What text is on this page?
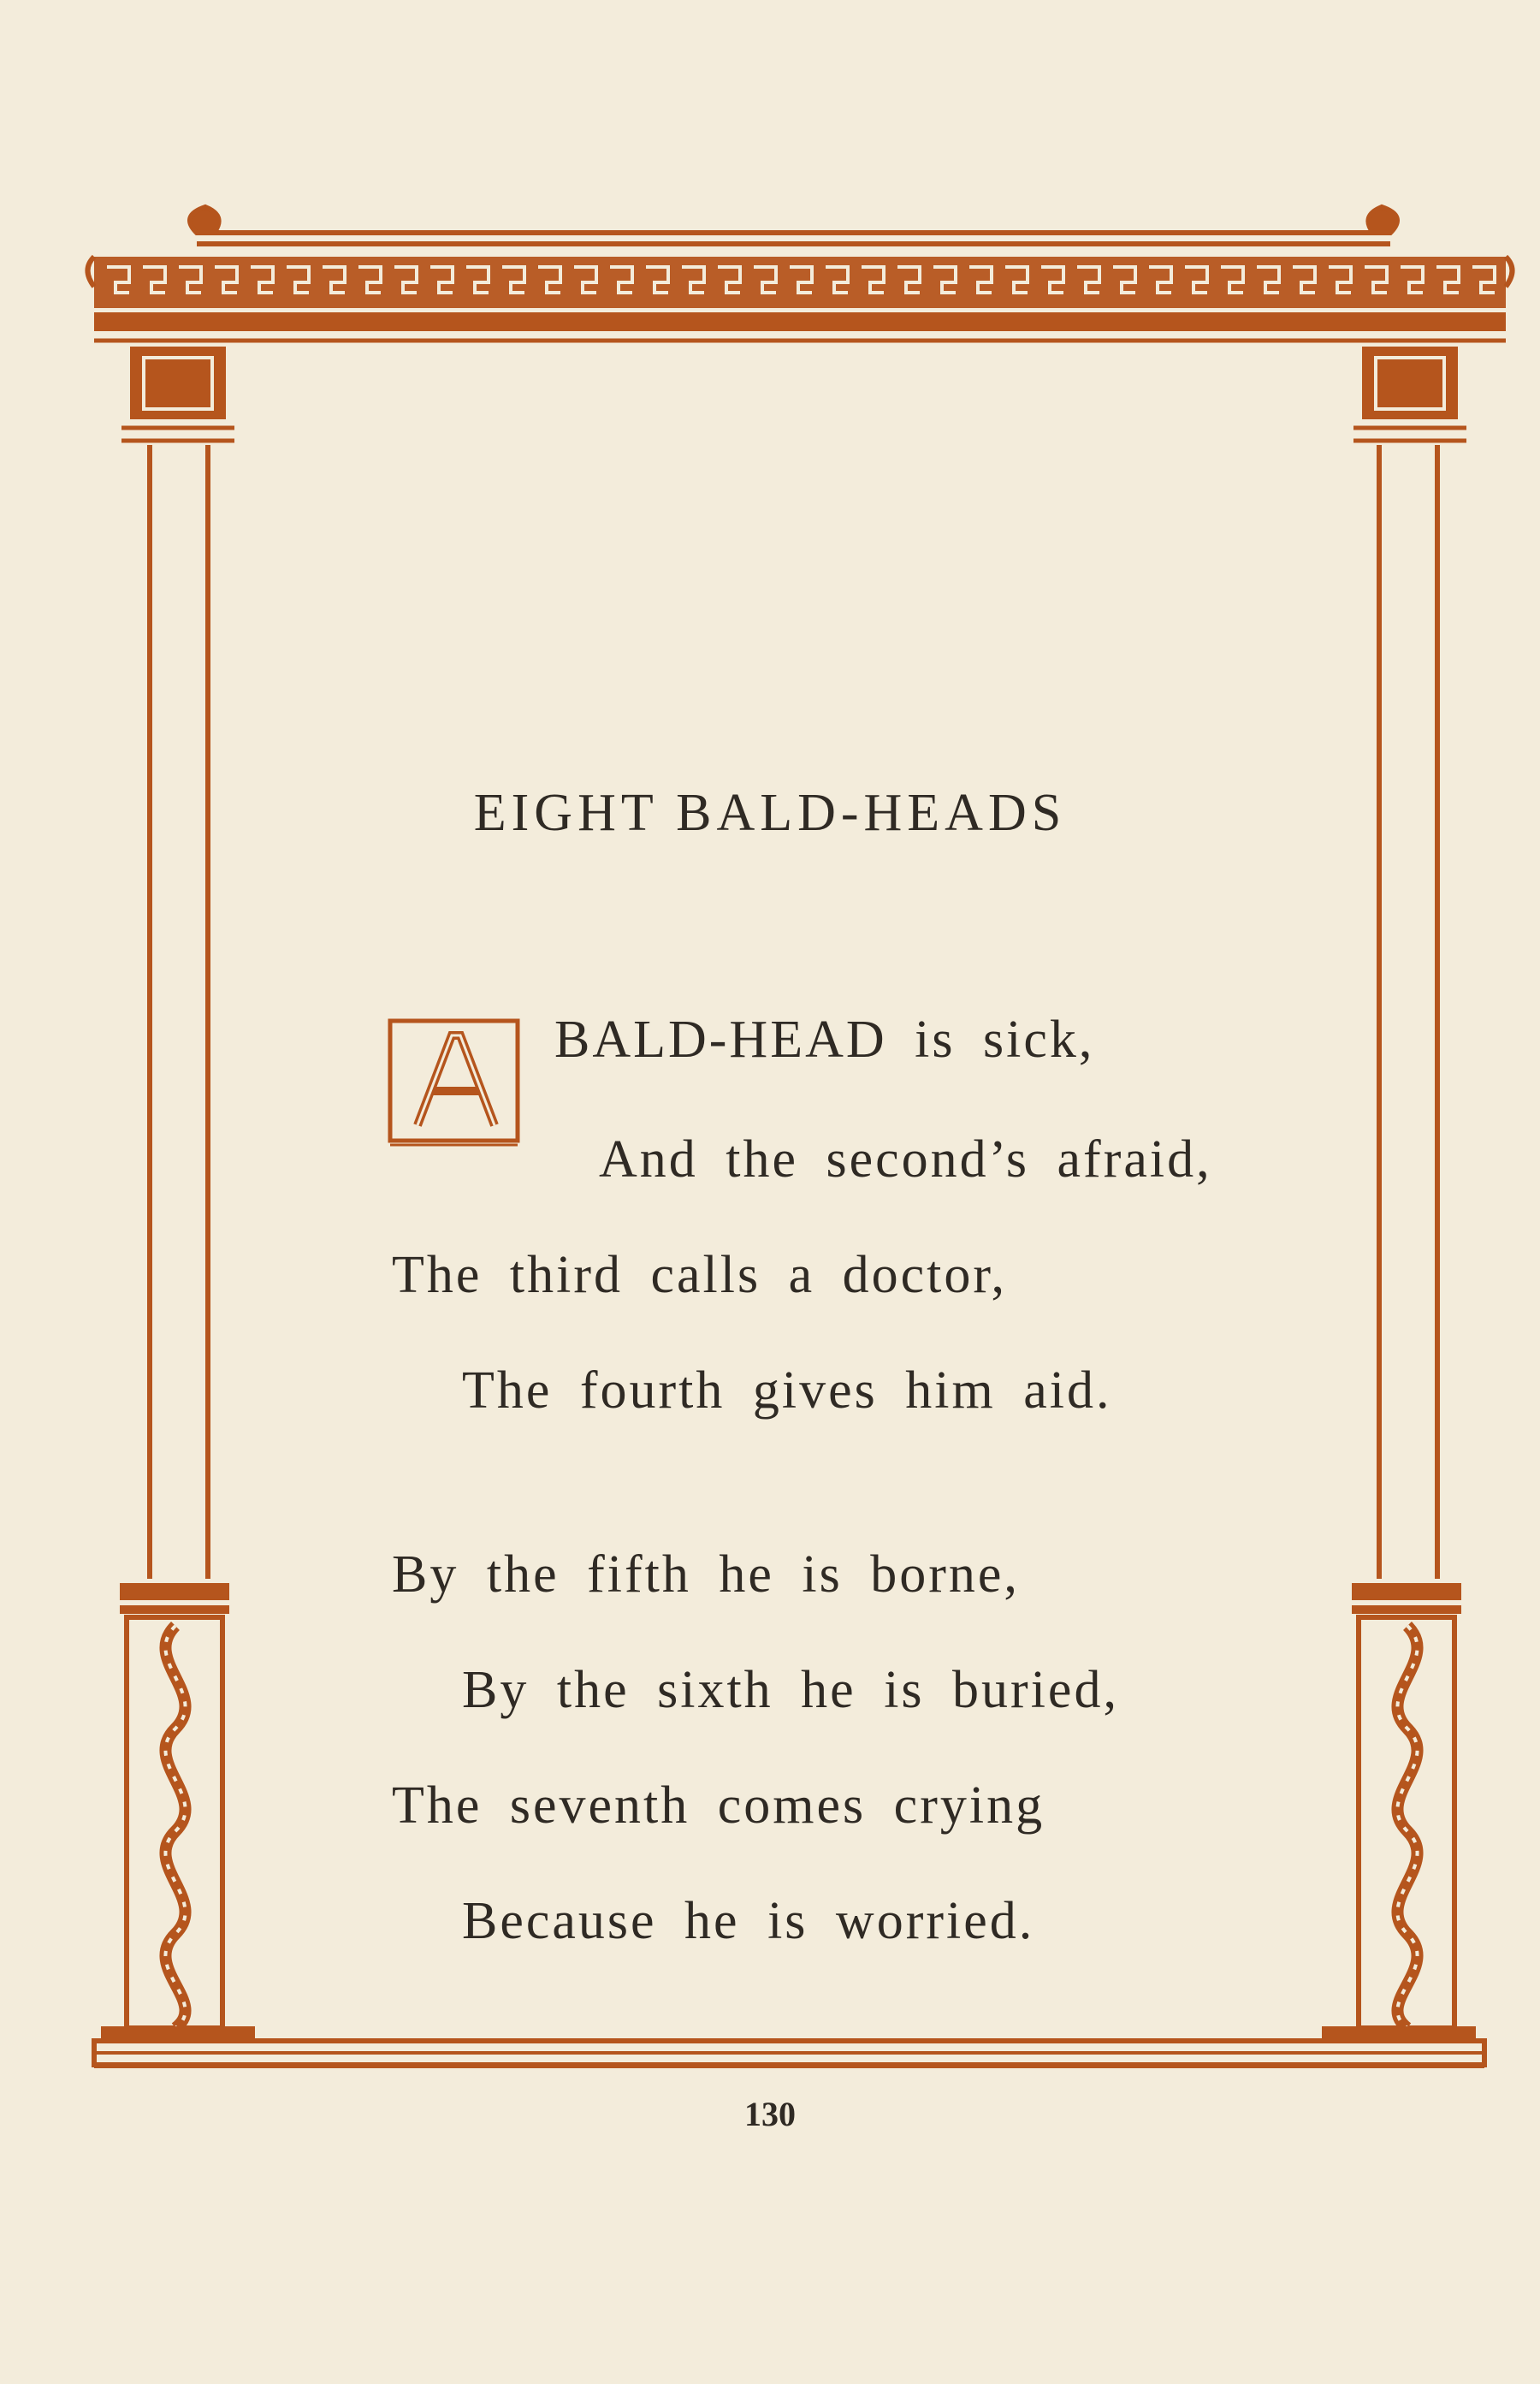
EIGHT BALD-HEADS

BALD-HEAD is sick,

And the second’s afraid,

The third calls a doctor,

The fourth gives him aid.

By the fifth he is borne,

By the sixth he is buried,

The seventh comes crying

Because he is worried.

130
